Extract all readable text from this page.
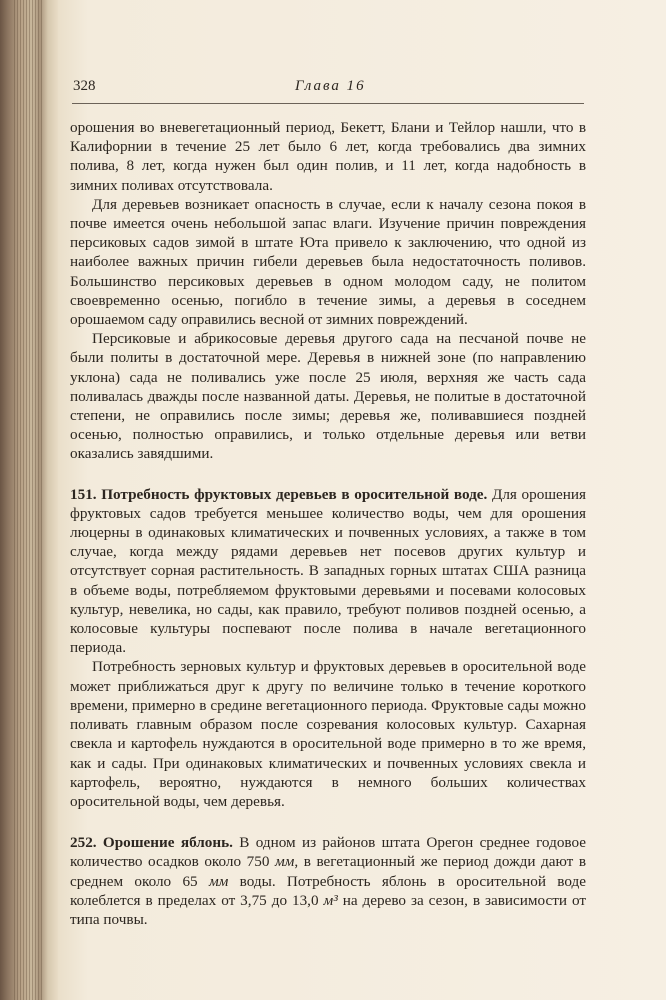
328	Глава 16

орошения во вневегетационный период, Бекетт, Блани и Тейлор нашли, что в Калифорнии в течение 25 лет было 6 лет, когда требовались два зимних полива, 8 лет, когда нужен был один полив, и 11 лет, когда надобность в зимних поливах отсутствовала.

Для деревьев возникает опасность в случае, если к началу сезона покоя в почве имеется очень небольшой запас влаги. Изучение причин повреждения персиковых садов зимой в штате Юта привело к заключению, что одной из наиболее важных причин гибели деревьев была недостаточность поливов. Большинство персиковых деревьев в одном молодом саду, не политом своевременно осенью, погибло в течение зимы, а деревья в соседнем орошаемом саду оправились весной от зимних повреждений.

Персиковые и абрикосовые деревья другого сада на песчаной почве не были политы в достаточной мере. Деревья в нижней зоне (по направлению уклона) сада не поливались уже после 25 июля, верхняя же часть сада поливалась дважды после названной даты. Деревья, не политые в достаточной степени, не оправились после зимы; деревья же, поливавшиеся поздней осенью, полностью оправились, и только отдельные деревья или ветви оказались завядшими.

151. Потребность фруктовых деревьев в оросительной воде. Для орошения фруктовых садов требуется меньшее количество воды, чем для орошения люцерны в одинаковых климатических и почвенных условиях, а также в том случае, когда между рядами деревьев нет посевов других культур и отсутствует сорная растительность. В западных горных штатах США разница в объеме воды, потребляемом фруктовыми деревьями и посевами колосовых культур, невелика, но сады, как правило, требуют поливов поздней осенью, а колосовые культуры поспевают после полива в начале вегетационного периода.

Потребность зерновых культур и фруктовых деревьев в оросительной воде может приближаться друг к другу по величине только в течение короткого времени, примерно в средине вегетационного периода. Фруктовые сады можно поливать главным образом после созревания колосовых культур. Сахарная свекла и картофель нуждаются в оросительной воде примерно в то же время, как и сады. При одинаковых климатических и почвенных условиях свекла и картофель, вероятно, нуждаются в немного больших количествах оросительной воды, чем деревья.

252. Орошение яблонь. В одном из районов штата Орегон среднее годовое количество осадков около 750 мм, в вегетационный же период дожди дают в среднем около 65 мм воды. Потребность яблонь в оросительной воде колеблется в пределах от 3,75 до 13,0 м³ на дерево за сезон, в зависимости от типа почвы.
